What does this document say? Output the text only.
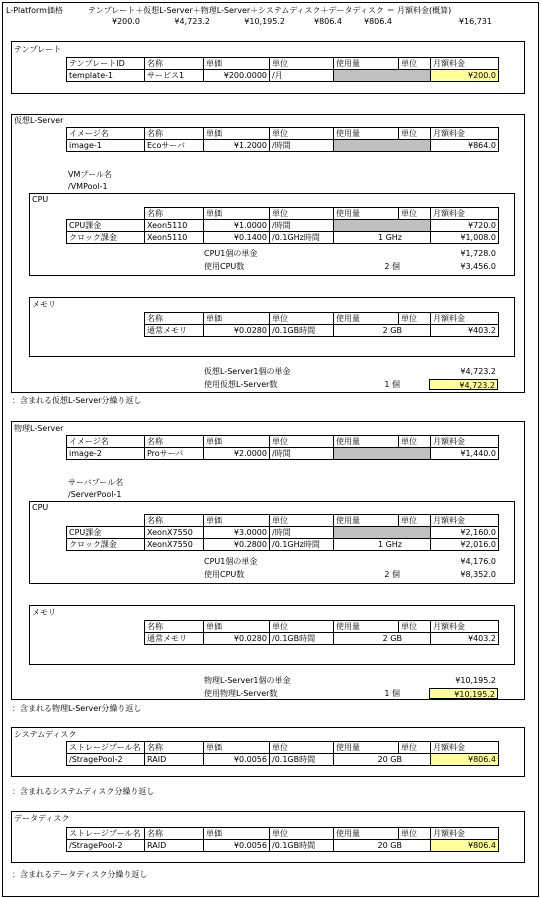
L-Platform価格	テンプレート＋仮想L-Server＋物理L-Server＋システムディスク＋データディスク ＝ 月額料金(概算)
¥200.0	¥4,723.2	¥10,195.2	¥806.4	¥806.4	¥16,731
テンプレート
テンプレートID	名称	単価	単位	使用量	単位	月額料金
template-1	サービス1	¥200.0000	/月			¥200.0
仮想L-Server
イメージ名	名称	単価	単位	使用量	単位	月額料金
image-1	Ecoサーバ	¥1.2000	/時間			¥864.0
VMプール名
/VMPool-1
CPU
	名称	単価	単位	使用量	単位	月額料金
CPU課金	Xeon5110	¥1.0000	/時間			¥720.0
クロック課金	Xeon5110	¥0.1400	/0.1GHz時間	1 GHz		¥1,008.0
CPU1個の単金	¥1,728.0
使用CPU数	2 個	¥3,456.0
メモリ
名称	単価	単位	使用量	単位	月額料金
通常メモリ	¥0.0280	/0.1GB時間	2 GB		¥403.2
仮想L-Server1個の単金	¥4,723.2
使用仮想L-Server数	1 個	¥4,723.2
：含まれる仮想L-Server分繰り返し
物理L-Server
イメージ名	名称	単価	単位	使用量	単位	月額料金
image-2	Proサーバ	¥2.0000	/時間			¥1,440.0
サーバプール名
/ServerPool-1
CPU
	名称	単価	単位	使用量	単位	月額料金
CPU課金	XeonX7550	¥3.0000	/時間			¥2,160.0
クロック課金	XeonX7550	¥0.2800	/0.1GHz時間	1 GHz		¥2,016.0
CPU1個の単金	¥4,176.0
使用CPU数	2 個	¥8,352.0
メモリ
名称	単価	単位	使用量	単位	月額料金
通常メモリ	¥0.0280	/0.1GB時間	2 GB		¥403.2
物理L-Server1個の単金	¥10,195.2
使用物理L-Server数	1 個	¥10,195.2
：含まれる物理L-Server分繰り返し
システムディスク
ストレージプール名	名称	単価	単位	使用量	単位	月額料金
/StragePool-2	RAID	¥0.0056	/0.1GB時間	20 GB		¥806.4
：含まれるシステムディスク分繰り返し
データディスク
ストレージプール名	名称	単価	単位	使用量	単位	月額料金
/StragePool-2	RAID	¥0.0056	/0.1GB時間	20 GB		¥806.4
：含まれるデータディスク分繰り返し
